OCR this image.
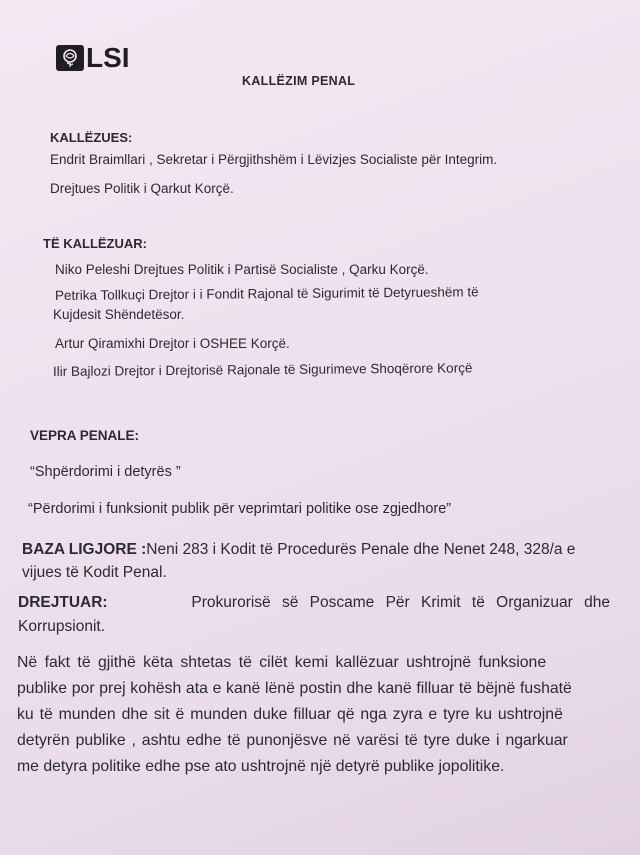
LSI
KALLËZIM PENAL
KALLËZUES:
Endrit Braimllari , Sekretar i Përgjithshëm i Lëvizjes Socialiste për Integrim.
Drejtues Politik i Qarkut Korçë.
TË KALLËZUAR:
Niko Peleshi Drejtues Politik i Partisë Socialiste , Qarku Korçë.
Petrika Tollkuçi Drejtor i i Fondit Rajonal të Sigurimit të Detyrueshëm të
Kujdesit Shëndetësor.
Artur Qiramixhi Drejtor i OSHEE Korçë.
Ilir Bajlozi Drejtor i Drejtorisë Rajonale të Sigurimeve Shoqërore Korçë
VEPRA PENALE:
“Shpërdorimi i detyrës ”
“Përdorimi i funksionit publik për veprimtari politike ose zgjedhore”
BAZA LIGJORE :Neni 283 i Kodit të Procedurës Penale dhe Nenet 248, 328/a e
vijues të Kodit Penal.
DREJTUAR:	Prokurorisë së Poscame Për Krimit të Organizuar dhe
Korrupsionit.
Në fakt të gjithë këta shtetas të cilët kemi kallëzuar ushtrojnë funksione
publike por prej kohësh ata e kanë lënë postin dhe kanë filluar të bëjnë fushatë
ku të munden dhe sit ë munden duke filluar që nga zyra e tyre ku ushtrojnë
detyrën publike , ashtu edhe të punonjësve në varësi të tyre duke i ngarkuar
me detyra politike edhe pse ato ushtrojnë një detyrë publike jopolitike.
